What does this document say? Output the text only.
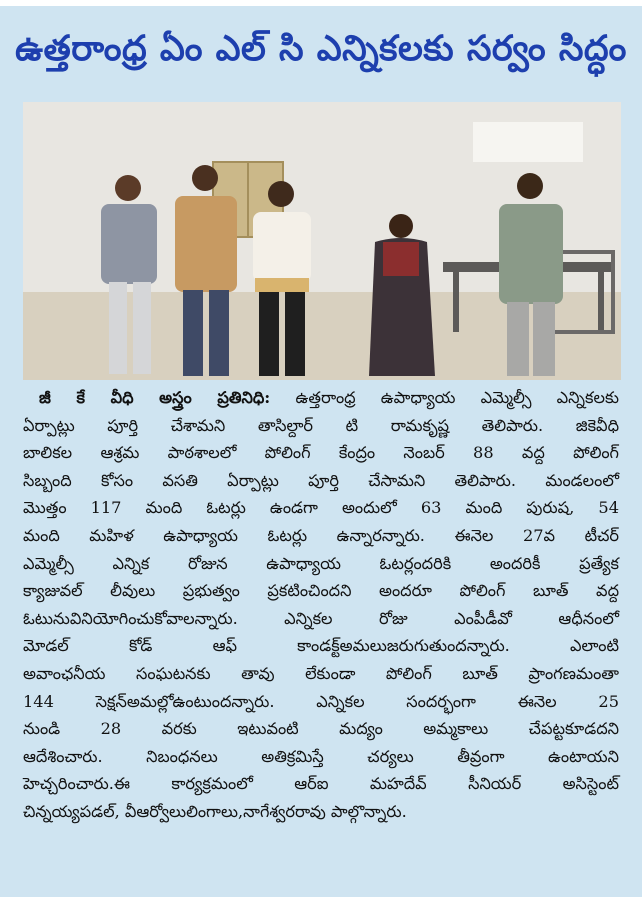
ఉత్తరాంధ్ర ఏం ఎల్ సి ఎన్నికలకు సర్వం సిద్ధం
జీ కే వీధి అస్త్రం ప్రతినిధి: ఉత్తరాంధ్ర ఉపాధ్యాయ ఎమ్మెల్సీ ఎన్నికలకు
ఏర్పాట్లు పూర్తి చేశామని తాసిల్దార్ టి రామకృష్ణ తెలిపారు. జికెవీధి
బాలికల ఆశ్రమ పాఠశాలలో పోలింగ్ కేంద్రం నెంబర్ 88 వద్ద పోలింగ్
సిబ్బంది కోసం వసతి ఏర్పాట్లు పూర్తి చేసామని తెలిపారు. మండలంలో
మొత్తం 117 మంది ఓటర్లు ఉండగా అందులో 63 మంది పురుష, 54
మంది మహిళ ఉపాధ్యాయ ఓటర్లు ఉన్నారన్నారు. ఈనెల 27వ టీచర్
ఎమ్మెల్సీ ఎన్నిక రోజున ఉపాధ్యాయ ఓటర్లందరికి అందరికీ ప్రత్యేక
క్యాజువల్ లీవులు ప్రభుత్వం ప్రకటించిందని అందరూ పోలింగ్ బూత్ వద్ద
ఓటునువినియోగించుకోవాలన్నారు. ఎన్నికల రోజు ఎంపీడీవో ఆధీనంలో
మోడల్ కోడ్ ఆఫ్ కాండక్ట్అమలుజరుగుతుందన్నారు. ఎలాంటి
అవాంఛనీయ సంఘటనకు తావు లేకుండా పోలింగ్ బూత్ ప్రాంగణమంతా
144 సెక్షన్అమల్లోఉంటుందన్నారు. ఎన్నికల సందర్భంగా ఈనెల 25
నుండి 28 వరకు ఇటువంటి మద్యం అమ్మకాలు చేపట్టకూడదని
ఆదేశించారు. నిబంధనలు అతిక్రమిస్తే చర్యలు తీవ్రంగా ఉంటాయని
హెచ్చరించారు.ఈ కార్యక్రమంలో ఆర్ఐ మహదేవ్ సీనియర్ అసిస్టెంట్
చిన్నయ్యపడల్, వీఆర్వోలులింగాలు,నాగేశ్వరరావు పాల్గొన్నారు.
